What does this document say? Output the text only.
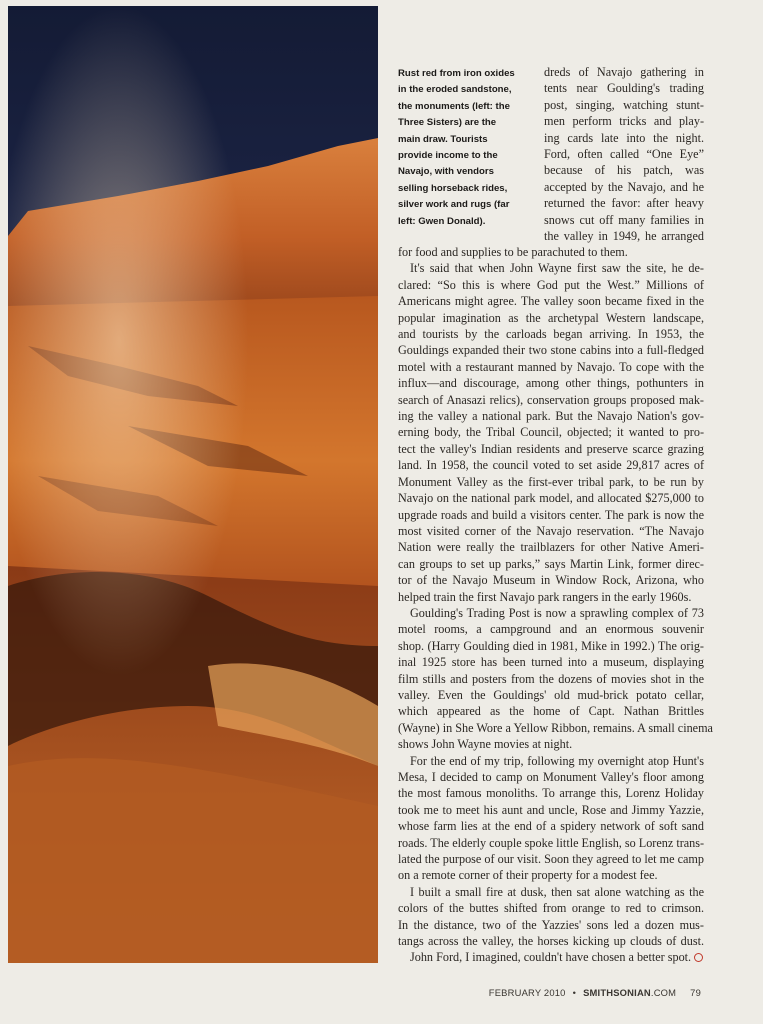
Rust red from iron oxides
in the eroded sandstone,
the monuments (left: the
Three Sisters) are the
main draw. Tourists
provide income to the
Navajo, with vendors
selling horseback rides,
silver work and rugs (far
left: Gwen Donald).
dreds of Navajo gathering in
tents near Goulding's trading
post, singing, watching stunt-
men perform tricks and play-
ing cards late into the night.
Ford, often called “One Eye”
because of his patch, was
accepted by the Navajo, and he
returned the favor: after heavy
snows cut off many families in
the valley in 1949, he arranged
for food and supplies to be parachuted to them.
It's said that when John Wayne first saw the site, he de-
clared: “So this is where God put the West.” Millions of
Americans might agree. The valley soon became fixed in the
popular imagination as the archetypal Western landscape,
and tourists by the carloads began arriving. In 1953, the
Gouldings expanded their two stone cabins into a full-fledged
motel with a restaurant manned by Navajo. To cope with the
influx—and discourage, among other things, pothunters in
search of Anasazi relics), conservation groups proposed mak-
ing the valley a national park. But the Navajo Nation's gov-
erning body, the Tribal Council, objected; it wanted to pro-
tect the valley's Indian residents and preserve scarce grazing
land. In 1958, the council voted to set aside 29,817 acres of
Monument Valley as the first-ever tribal park, to be run by
Navajo on the national park model, and allocated $275,000 to
upgrade roads and build a visitors center. The park is now the
most visited corner of the Navajo reservation. “The Navajo
Nation were really the trailblazers for other Native Ameri-
can groups to set up parks,” says Martin Link, former direc-
tor of the Navajo Museum in Window Rock, Arizona, who
helped train the first Navajo park rangers in the early 1960s.
Goulding's Trading Post is now a sprawling complex of 73
motel rooms, a campground and an enormous souvenir
shop. (Harry Goulding died in 1981, Mike in 1992.) The orig-
inal 1925 store has been turned into a museum, displaying
film stills and posters from the dozens of movies shot in the
valley. Even the Gouldings' old mud-brick potato cellar,
which appeared as the home of Capt. Nathan Brittles
(Wayne) in She Wore a Yellow Ribbon, remains. A small cinema
shows John Wayne movies at night.
For the end of my trip, following my overnight atop Hunt's
Mesa, I decided to camp on Monument Valley's floor among
the most famous monoliths. To arrange this, Lorenz Holiday
took me to meet his aunt and uncle, Rose and Jimmy Yazzie,
whose farm lies at the end of a spidery network of soft sand
roads. The elderly couple spoke little English, so Lorenz trans-
lated the purpose of our visit. Soon they agreed to let me camp
on a remote corner of their property for a modest fee.
I built a small fire at dusk, then sat alone watching as the
colors of the buttes shifted from orange to red to crimson.
In the distance, two of the Yazzies' sons led a dozen mus-
tangs across the valley, the horses kicking up clouds of dust.
John Ford, I imagined, couldn't have chosen a better spot.
FEBRUARY 2010 • SMITHSONIAN.COM 79
